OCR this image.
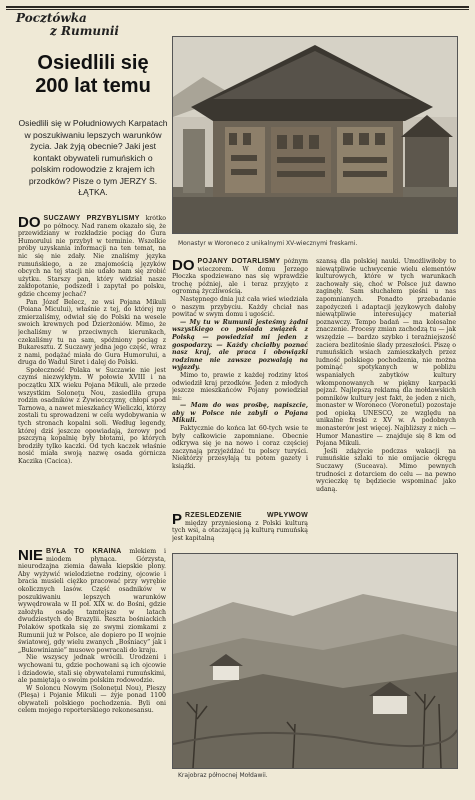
Pocztówka
z Rumunii
Osiedlili się
200 lat temu
Osiedlili się w Południowych Karpatach w poszukiwaniu lepszych warunków życia. Jak żyją obecnie? Jaki jest kontakt obywateli rumuńskich o polskim rodowodzie z krajem ich przodków? Pisze o tym JERZY S. ŁĄTKA.

DO SUCZAWY PRZYBYLIŚMY krótko po północy. Nad ranem okazało się, że przewidziany w rozkładzie pociąg do Gura Humorului nie przybył w terminie. Wszelkie próby uzyskania informacji na ten temat, na nic się nie zdały. Nie znaliśmy języka rumuńskiego, a ze znajomością języków obcych na tej stacji nie udało nam się zrobić użytku. Starszy pan, który widział nasze zakłopotanie, podszedł i zapytał po polsku, gdzie chcemy jechać?

Pan Józef Belecz, ze wsi Pojana Mikuli (Poiana Micului), właśnie z tej, do której my zmierzaliśmy, odwiał się do Polski na wesele swoich krewnych pod Dzierżoniów. Mimo, że jechaliśmy w przeciwnych kierunkach, czekaliśmy tu na sam, spóźniony pociąg z Bukaresztu. Z Suczawy jedna jego część, wraz z nami, podążać miała do Gura Humorului, a druga do Wadul Siret i dalej do Polski.

Społeczność Polaka w Suczawie nie jest czymś niezwykłym. W połowie XVIII i na początku XIX wieku Pojana Mikuli, ale przede wszystkim Soloneţu Nou, zasiedliła grupa rodzin osadników z Żywiecczyzny, chłopi spod Tarnowa, a nawet mieszkańcy Wieliczki, którzy zostali tu sprowadzeni w celu wydobywania w tych stronach kopalni soli. Według legendy, której dziś jeszcze opowiadają, żerowy pod pszczyną kopalnię były błotami, po których brodziły tylko kaczki. Od tych kaczek właśnie nosić miała swoją nazwę osada górnicza Kaczika (Cacica).

NIE BYŁA TO KRAINA mlekiem i miodem płynąca. Górzysta, nieurodzajna ziemia dawała kiepskie plony. Aby wyżywić wielodzietne rodziny, ojcowie i bracia musieli ciężko pracować przy wyrębie okolicznych lasów. Część osadników w poszukiwaniu lepszych warunków wywędrowała w II poł. XIX w. do Bośni, gdzie założyła osadę tamtejsze w latach dwudziestych do Brazylii. Reszta bośniackich Polaków spotkała się ze swymi ziomkami z Rumunii już w Polsce, ale dopiero po II wojnie światowej, gdy wielu zwanych „Bośniacy” jak i „Bukowinianie” musowo powracali do kraju.

Nie wszyscy jednak wrócili. Urodzeni i wychowani tu, gdzie pochowani są ich ojcowie i dziadowie, stali się obywatelami rumuńskimi, ale pamiętają o swoim polskim rodowodzie.

W Soloncu Nowym (Soloneţul Nou), Pleszy (Pleşa) i Pojanie Mikuli — żyje ponad 1100 obywateli polskiego pochodzenia. Byli oni celem mojego reporterskiego rekonesansu.

Monastyr w Woroneco z unikalnymi XV-wiecznymi freskami.

DO POJANY DOTARLIŚMY późnym wieczorem. W domu Jerzego Płoczka spodziewano nas się wprawdzie trochę później, ale i teraz przyjęto z ogromną życzliwością.

Następnego dnia już cała wieś wiedziała o naszym przybyciu. Każdy chciał nas powitać w swym domu i ugościć.

— My tu w Rumunii jesteśmy żądni wszystkiego co posiada związek z Polską — powiedział mi jeden z gospodarzy. — Każdy chciałby poznać nasz kraj, ale praca i obowiązki rodzinne nie zawsze pozwalają na wyjazdy.

Mimo to, prawie z każdej rodziny ktoś odwiedził kraj przodków. Jeden z młodych jeszcze mieszkańców Pojany powiedział mi:

— Mam do was prośbę, napiszcie, aby w Polsce nie zabyli o Pojana Mikuli.

Faktycznie do końca lat 60-tych wsie te były całkowicie zapomniane. Obecnie odkrywa się je na nowo i coraz częściej zaczynają przyjeżdżać tu polscy turyści. Niektórzy przesyłają tu potem gazety i książki.

PRZEŚLEDZENIE WPŁYWÓW między przyniesioną z Polski kulturą tych wsi, a otaczającą ją kulturą rumuńską jest kapitalną

szansą dla polskiej nauki. Umożliwiłoby to niewątpliwie uchwycenie wielu elementów kulturowych, które w tych warunkach zachowały się, choć w Polsce już dawno zaginęły. Sam słuchałem pieśni u nas zapomnianych. Ponadto przebadanie zapożyczeń i adaptacji językowych dałoby niewątpliwie interesujący materiał poznawczy. Tempo badań — ma kolosalne znaczenie. Procesy zmian zachodzą tu — jak wszędzie — bardzo szybko i teraźniejszość zaciera bezlitośnie ślady przeszłości. Piszę o rumuńskich wsiach zamieszkałych przez ludność polskiego pochodzenia, nie można pominąć spotykanych w pobliżu wspaniałych zabytków kultury wkomponowanych w piękny karpacki pejzaż. Najlepszą reklamą dla mołdawskich pomników kultury jest fakt, że jeden z nich, monaster w Woroneco (Voronetul) pozostaje pod opieką UNESCO, ze względu na unikalne freski z XV w. A podobnych monasterów jest więcej. Najbliższy z nich — Humor Manastire — znajduje się 8 km od Pojana Mikuli.

Jeśli zdążycie podczas wakacji na rumuńskie szlaki to nie omijacie okręgu Suczawy (Suceava). Mimo pewnych trudności z dotarciem do celu — na pewno wycieczkę tę będziecie wspominać jako udaną.

Krajobraz północnej Mołdawii.
